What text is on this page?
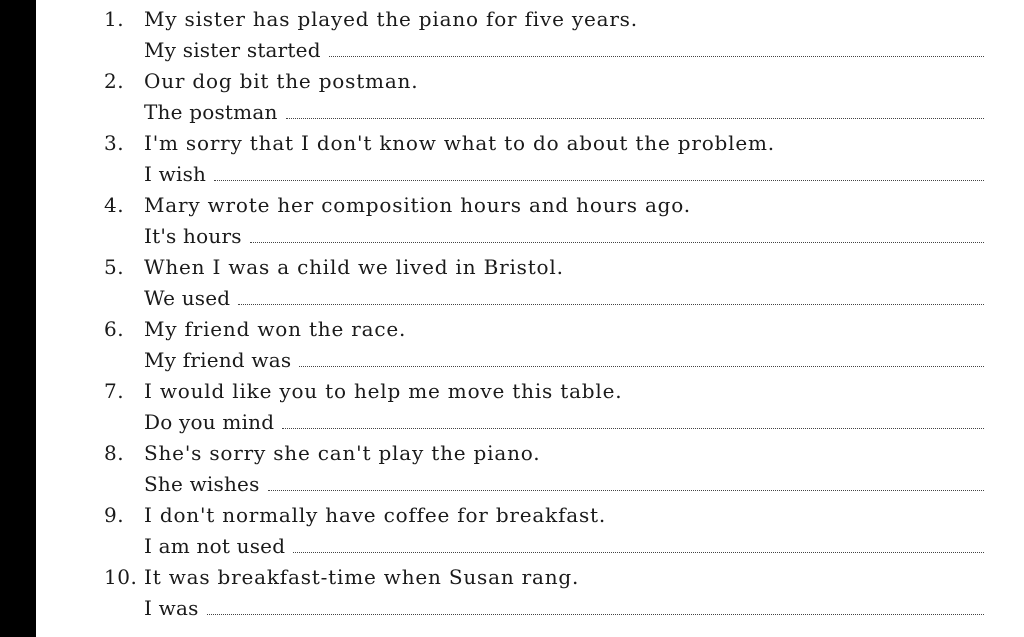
1. My sister has played the piano for five years.
My sister started
2. Our dog bit the postman.
The postman
3. I'm sorry that I don't know what to do about the problem.
I wish
4. Mary wrote her composition hours and hours ago.
It's hours
5. When I was a child we lived in Bristol.
We used
6. My friend won the race.
My friend was
7. I would like you to help me move this table.
Do you mind
8. She's sorry she can't play the piano.
She wishes
9. I don't normally have coffee for breakfast.
I am not used
10. It was breakfast-time when Susan rang.
I was
